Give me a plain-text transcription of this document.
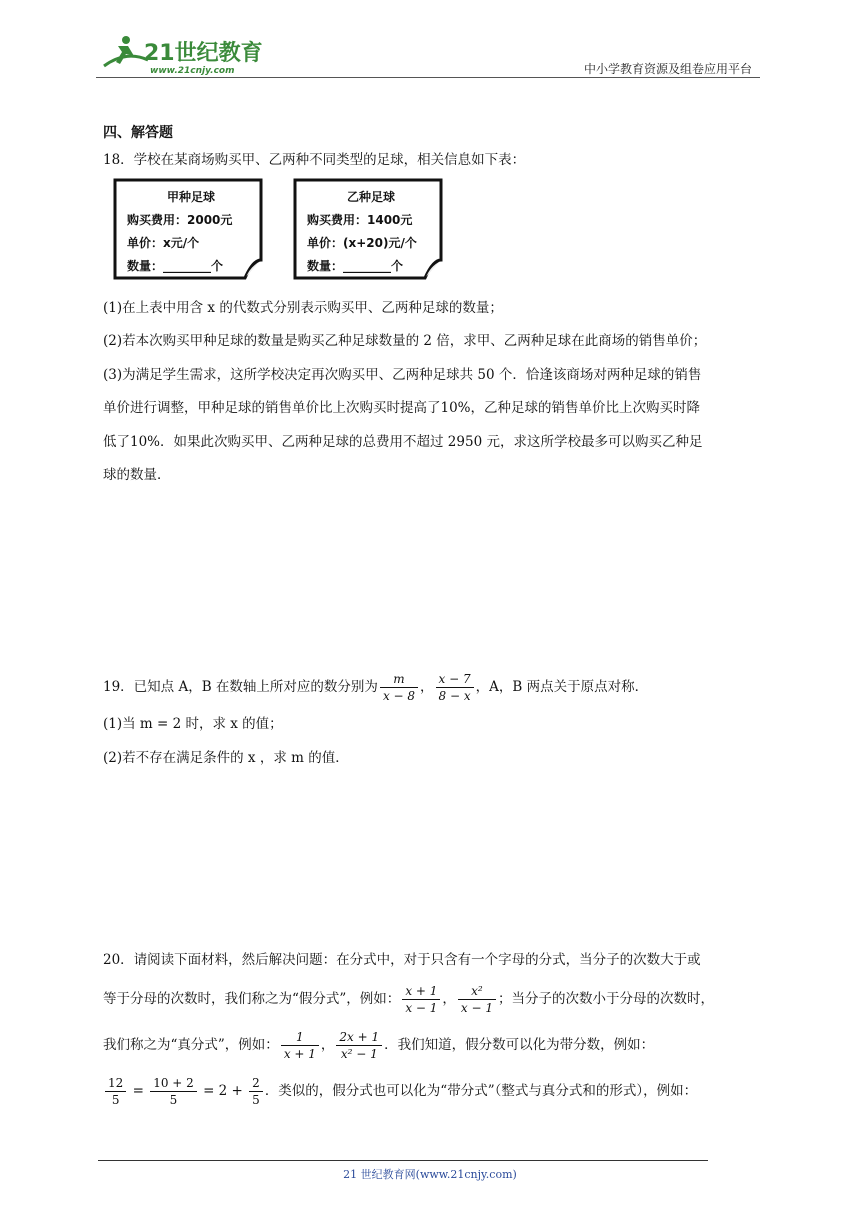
21世纪教育
www.21cnjy.com	中小学教育资源及组卷应用平台
四、解答题
18．学校在某商场购买甲、乙两种不同类型的足球，相关信息如下表：
甲种足球
购买费用：2000元
单价：x元/个
数量：________个
乙种足球
购买费用：1400元
单价：(x+20)元/个
数量：________个
(1)在上表中用含 x 的代数式分别表示购买甲、乙两种足球的数量；
(2)若本次购买甲种足球的数量是购买乙种足球数量的 2 倍，求甲、乙两种足球在此商场的销售单价；
(3)为满足学生需求，这所学校决定再次购买甲、乙两种足球共 50 个．恰逢该商场对两种足球的销售
单价进行调整，甲种足球的销售单价比上次购买时提高了10%，乙种足球的销售单价比上次购买时降
低了10%．如果此次购买甲、乙两种足球的总费用不超过 2950 元，求这所学校最多可以购买乙种足
球的数量．
19．已知点 A，B 在数轴上所对应的数分别为 $\frac{m}{x - 8}$ ， $\frac{x - 7}{8 - x}$ ，A，B 两点关于原点对称．
(1)当 m = 2 时，求 x 的值；
(2)若不存在满足条件的 x ，求 m 的值．
20．请阅读下面材料，然后解决问题：在分式中，对于只含有一个字母的分式，当分子的次数大于或
等于分母的次数时，我们称之为“假分式”，例如： $\frac{x + 1}{x - 1}$ ， $\frac{\text{x²}}{x - 1}$ ；当分子的次数小于分母的次数时，
我们称之为“真分式”，例如： $\frac{1}{x + 1}$ ， $\frac{2x + 1}{\text{x² − 1}}$ ．我们知道，假分数可以化为带分数，例如：
$\frac{12}{5} = \frac{10 + 2}{5} = 2 + \frac{2}{5}$ ．类似的，假分式也可以化为“带分式”（整式与真分式和的形式），例如：
21 世纪教育网(www.21cnjy.com)
